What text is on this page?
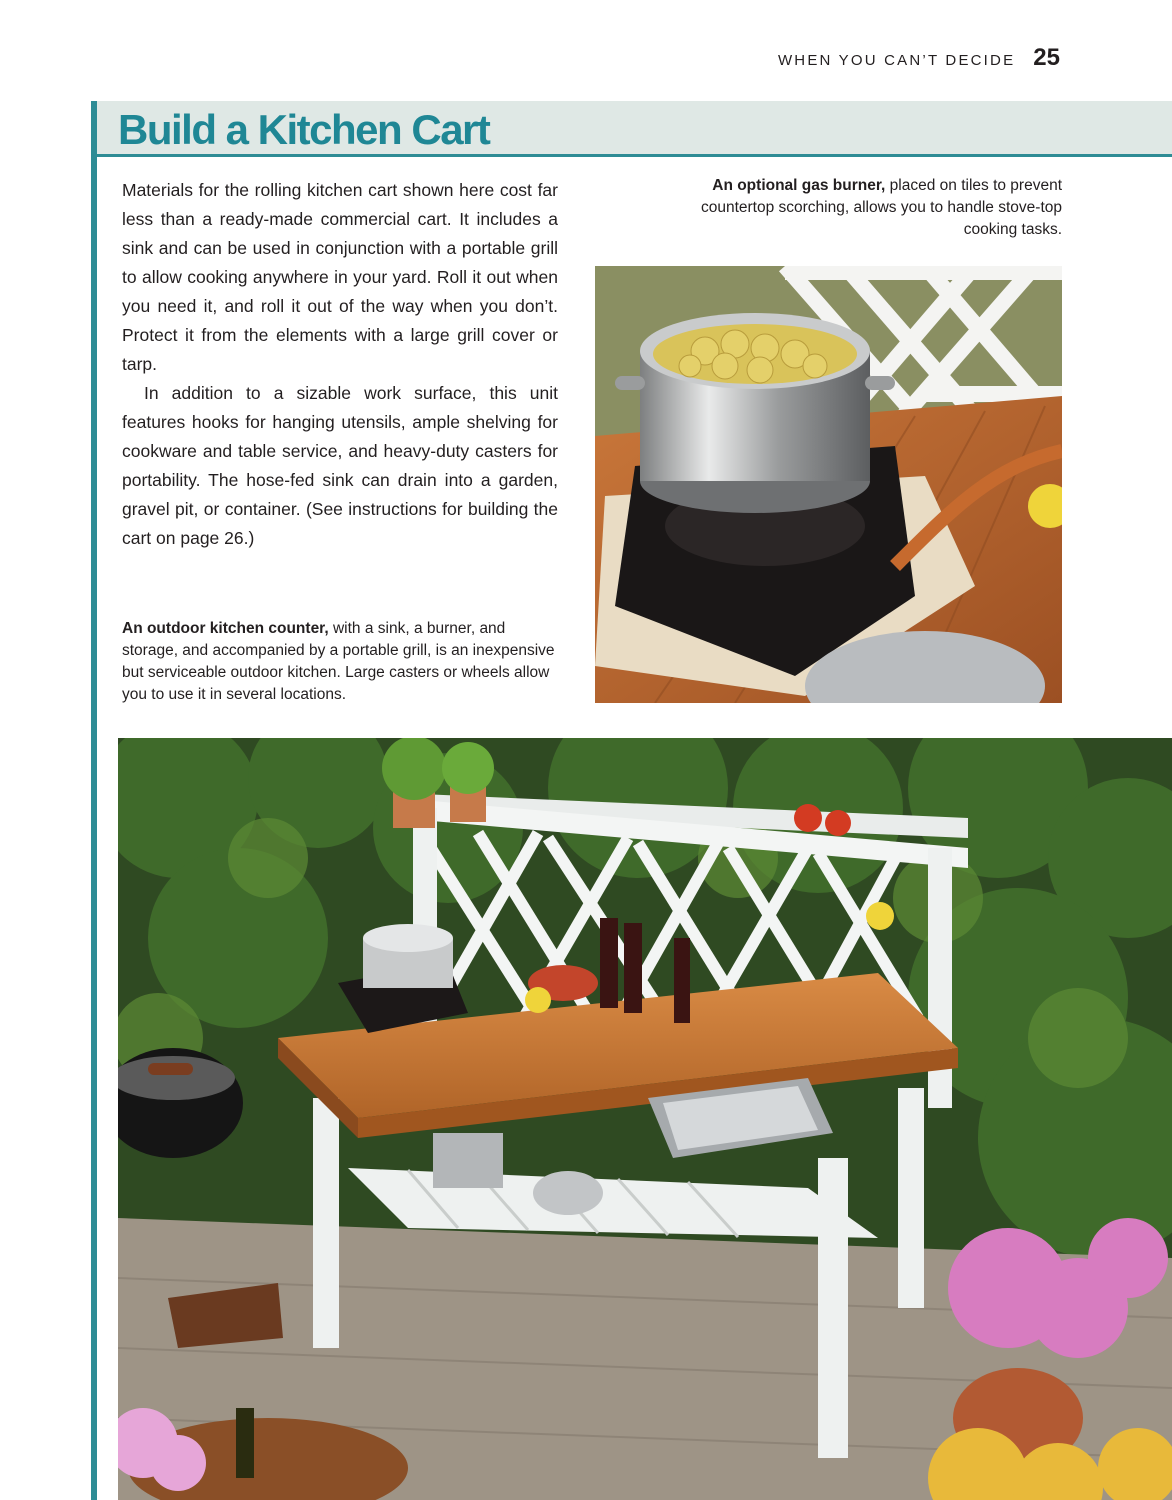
WHEN YOU CAN’T DECIDE 25
Build a Kitchen Cart

Materials for the rolling kitchen cart shown here cost far less than a ready-made commercial cart. It includes a sink and can be used in conjunction with a portable grill to allow cooking anywhere in your yard. Roll it out when you need it, and roll it out of the way when you don’t. Protect it from the elements with a large grill cover or tarp.

In addition to a sizable work surface, this unit features hooks for hanging utensils, ample shelving for cookware and table service, and heavy-duty casters for portability. The hose-fed sink can drain into a garden, gravel pit, or container. (See instructions for building the cart on page 26.)

An optional gas burner, placed on tiles to prevent countertop scorching, allows you to handle stove-top cooking tasks.
An outdoor kitchen counter, with a sink, a burner, and storage, and accompanied by a portable grill, is an inexpensive but serviceable outdoor kitchen. Large casters or wheels allow you to use it in several locations.
